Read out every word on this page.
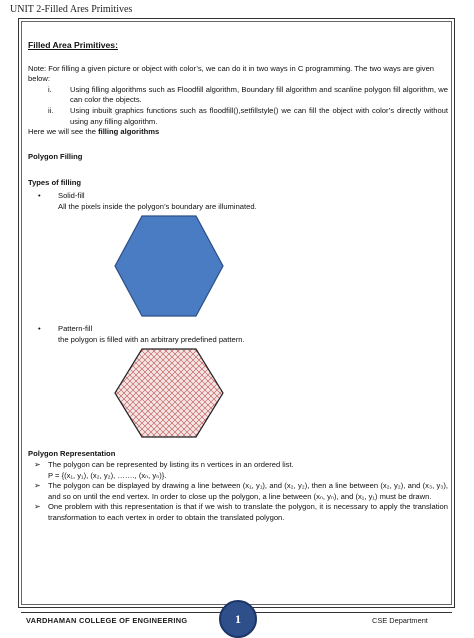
UNIT 2-Filled Ares Primitives
Filled Area Primitives:

Note: For filling a given picture or object with color’s, we can do it in two ways in C programming. The two ways are given below:

i.	Using filling algorithms such as Floodfill algorithm, Boundary fill algorithm and scanline polygon fill algorithm, we can color the objects.
ii.	Using inbuilt graphics functions such as floodfill(),setfillstyle() we can fill the object with color’s directly without using any filling algorithm.

Here we will see the filling algorithms

Polygon Filling
Types of filling
•	Solid-fill
All the pixels inside the polygon’s boundary are illuminated.
•	Pattern-fill
the polygon is filled with an arbitrary predefined pattern.
Polygon Representation
➢ The polygon can be represented by listing its n vertices in an ordered list.
P = {(x₁, y₁), (x₂, y₂), ……., (xₙ, yₙ)}.
➢ The polygon can be displayed by drawing a line between (x₁, y₁), and (x₂, y₂), then a line between (x₂, y₂), and (x₃, y₃), and so on until the end vertex. In order to close up the polygon, a line between (xₙ, yₙ), and (x₁, y₁) must be drawn.
➢ One problem with this representation is that if we wish to translate the polygon, it is necessary to apply the translation transformation to each vertex in order to obtain the translated polygon.
VARDHAMAN COLLEGE OF ENGINEERING	1	CSE Department
